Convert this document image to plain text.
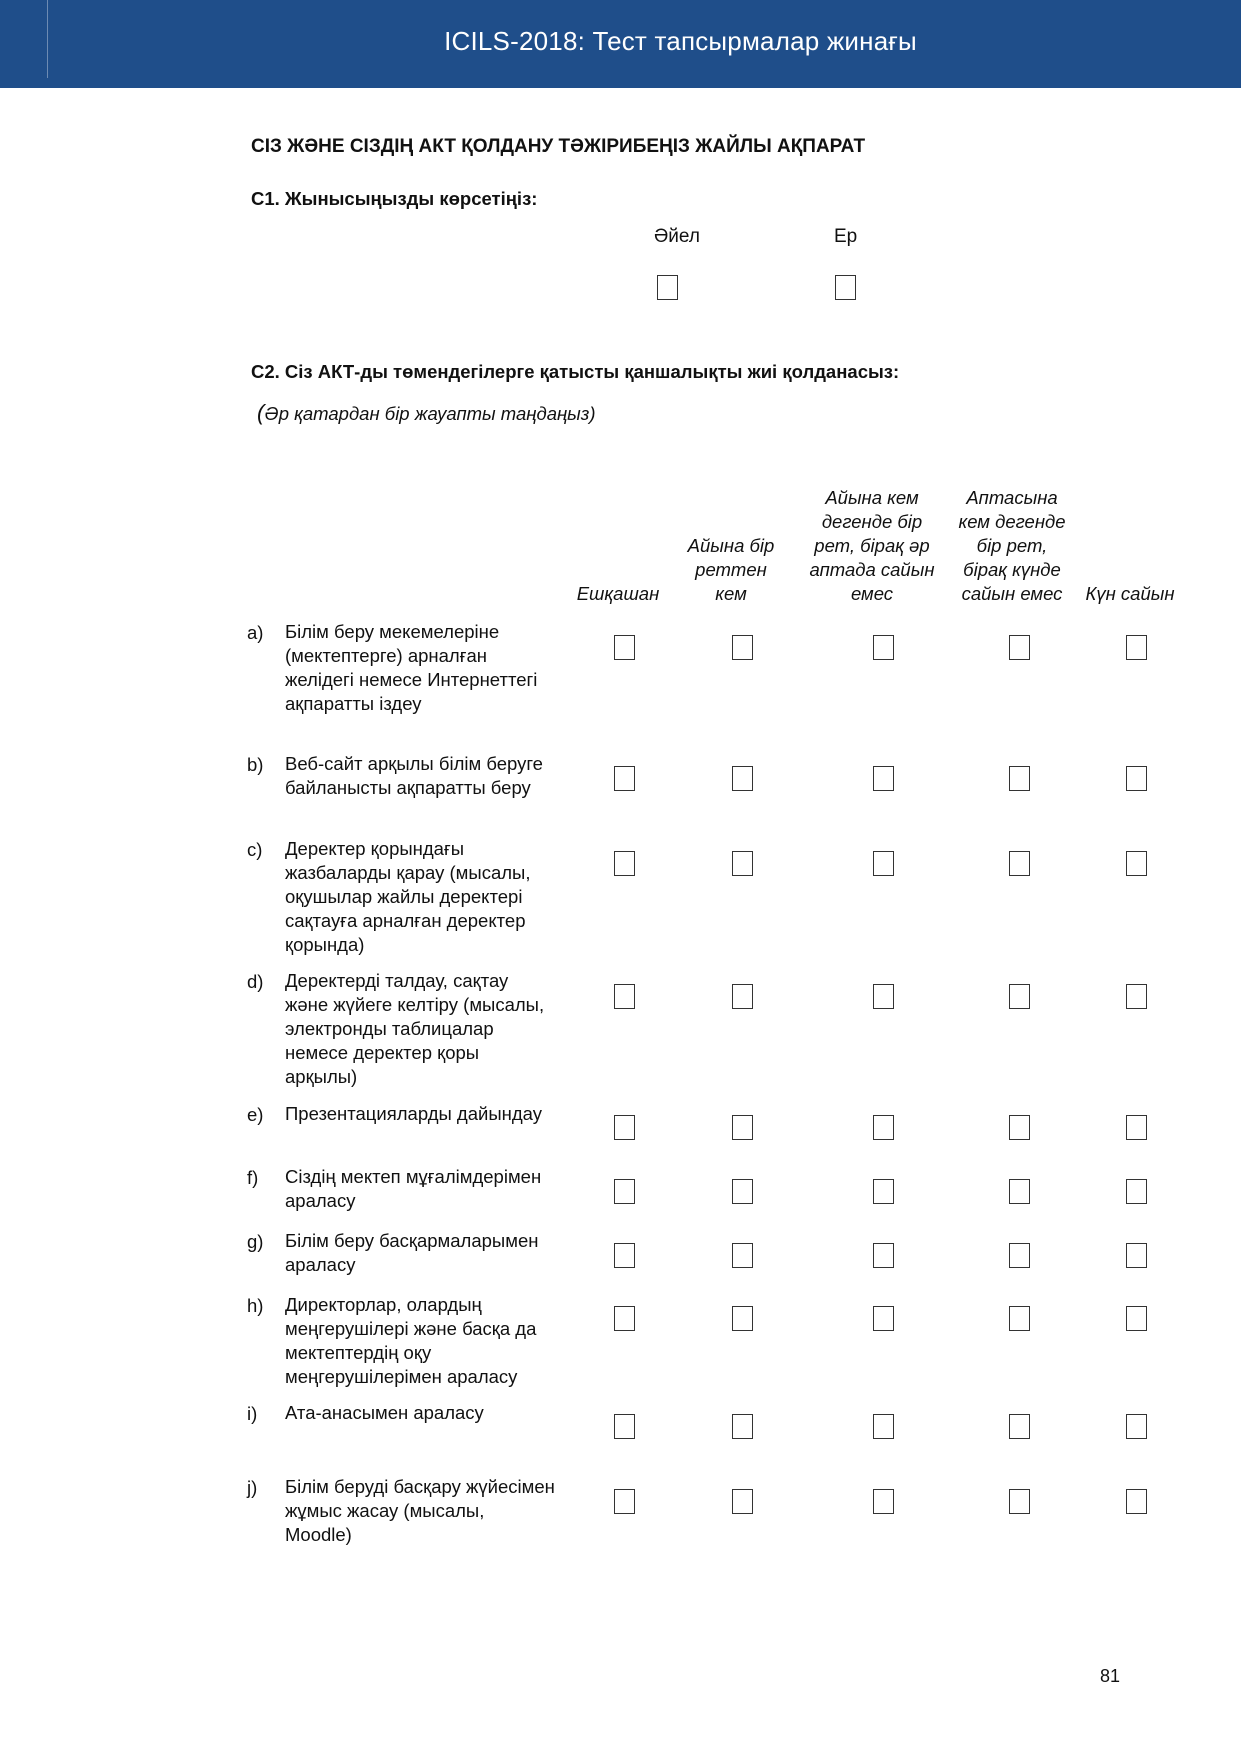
ICILS-2018: Тест тапсырмалар жинағы
СІЗ ЖӘНЕ СІЗДІҢ АКТ ҚОЛДАНУ ТӘЖІРИБЕҢІЗ ЖАЙЛЫ АҚПАРАТ
C1. Жынысыңызды көрсетіңіз:
Әйел	Ер
C2. Сіз АКТ-ды төмендегілерге қатысты қаншалықты жиі қолданасыз:
(Әр қатардан бір жауапты таңдаңыз)
Ешқашан
Айына бір реттен кем
Айына кем дегенде бір рет, бірақ әр аптада сайын емес
Аптасына кем дегенде бір рет, бірақ күнде сайын емес	Күн сайын
a) Білім беру мекемелеріне (мектептерге) арналған желідегі немесе Интернеттегі ақпаратты іздеу
b) Веб-сайт арқылы білім беруге байланысты ақпаратты беру
c) Деректер қорындағы жазбаларды қарау (мысалы, оқушылар жайлы деректері сақтауға арналған деректер қорында)
d) Деректерді талдау, сақтау және жүйеге келтіру (мысалы, электронды таблицалар немесе деректер қоры арқылы)
e) Презентацияларды дайындау
f) Сіздің мектеп мұғалімдерімен араласу
g) Білім беру басқармаларымен араласу
h) Директорлар, олардың меңгерушілері және басқа да мектептердің оқу меңгерушілерімен араласу
i) Ата-анасымен араласу
j) Білім беруді басқару жүйесімен жұмыс жасау (мысалы, Moodle)
81
